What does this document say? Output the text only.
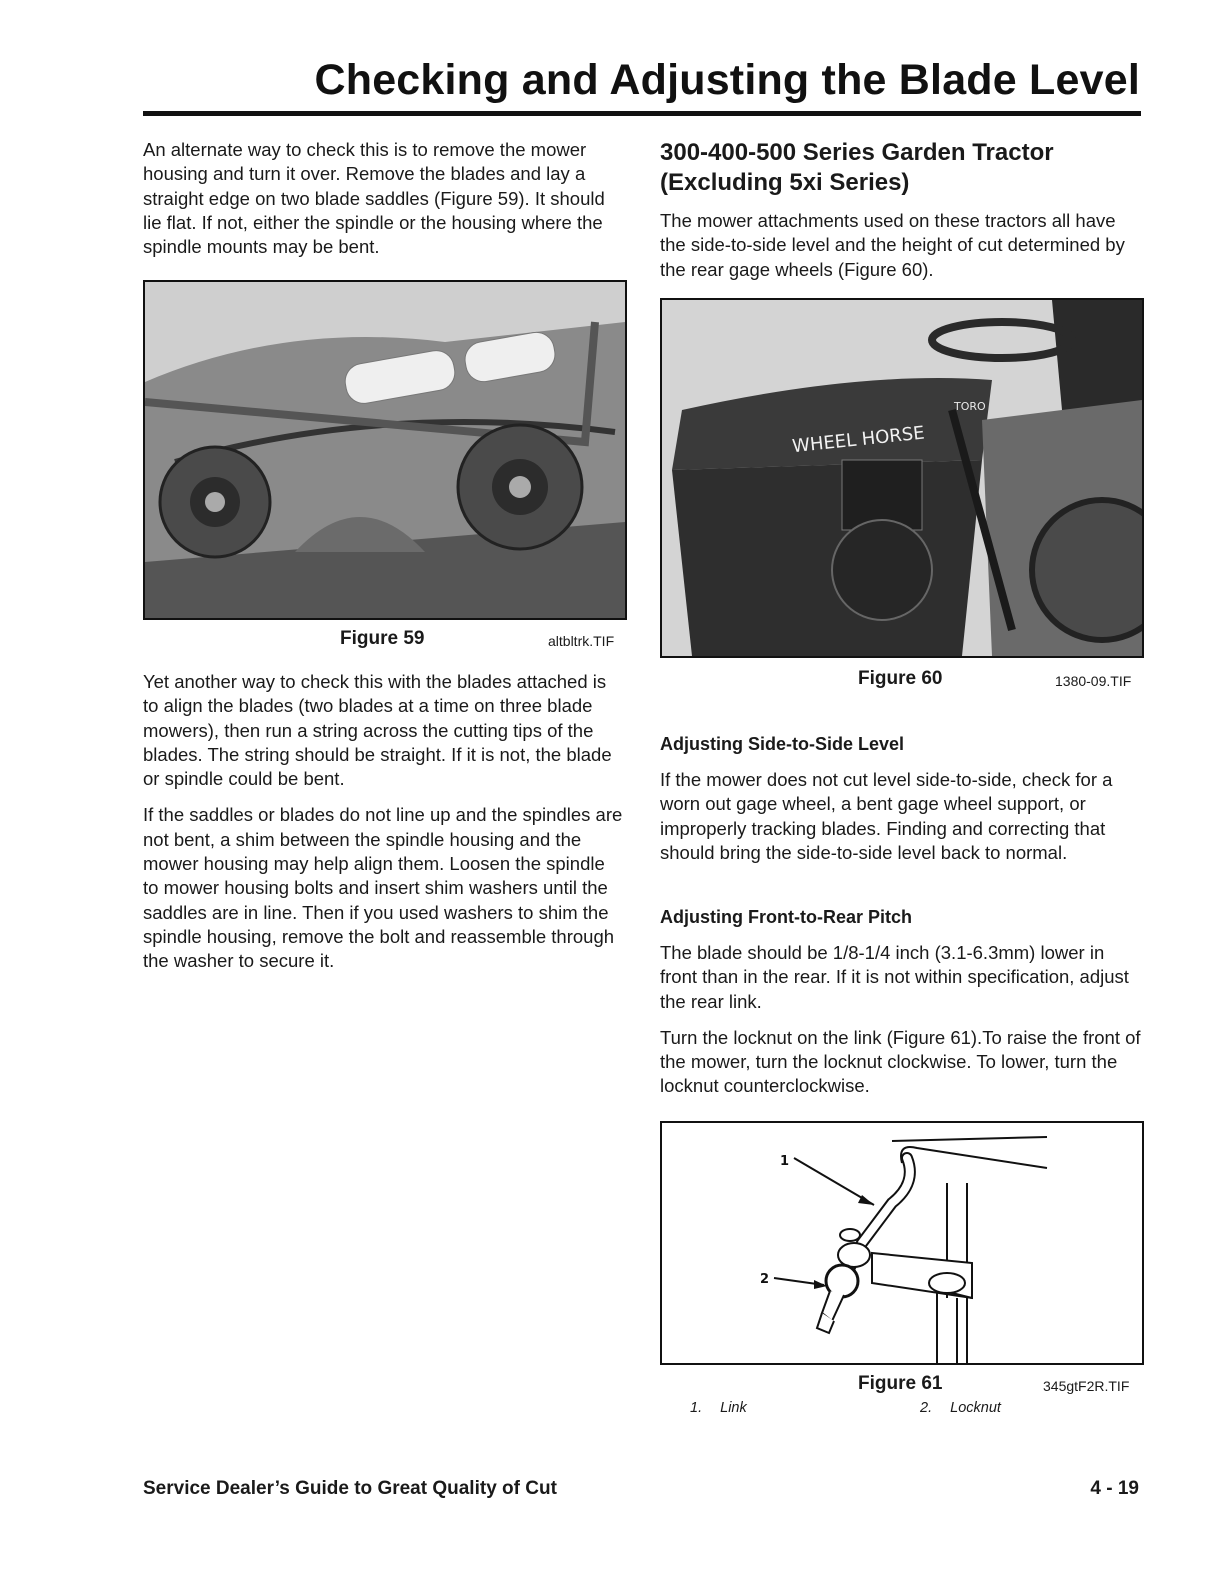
Checking and Adjusting the Blade Level

An alternate way to check this is to remove the mower housing and turn it over. Remove the blades and lay a straight edge on two blade saddles (Figure 59). It should lie flat. If not, either the spindle or the housing where the spindle mounts may be bent.

Figure 59	altbltrk.TIF

Yet another way to check this with the blades attached is to align the blades (two blades at a time on three blade mowers), then run a string across the cutting tips of the blades. The string should be straight. If it is not, the blade or spindle could be bent.

If the saddles or blades do not line up and the spindles are not bent, a shim between the spindle housing and the mower housing may help align them. Loosen the spindle to mower housing bolts and insert shim washers until the saddles are in line. Then if you used washers to shim the spindle housing, remove the bolt and reassemble through the washer to secure it.

300-400-500 Series Garden Tractor (Excluding 5xi Series)

The mower attachments used on these tractors all have the side-to-side level and the height of cut determined by the rear gage wheels (Figure 60).

WHEEL HORSE
TORO
Figure 60	1380-09.TIF
Adjusting Side-to-Side Level

If the mower does not cut level side-to-side, check for a worn out gage wheel, a bent gage wheel support, or improperly tracking blades. Finding and correcting that should bring the side-to-side level back to normal.

Adjusting Front-to-Rear Pitch

The blade should be 1/8-1/4 inch (3.1-6.3mm) lower in front than in the rear. If it is not within specification, adjust the rear link.

Turn the locknut on the link (Figure 61).To raise the front of the mower, turn the locknut clockwise. To lower, turn the locknut counterclockwise.

1
2
Figure 61	345gtF2R.TIF
1. Link	2. Locknut
Service Dealer’s Guide to Great Quality of Cut	4 - 19
